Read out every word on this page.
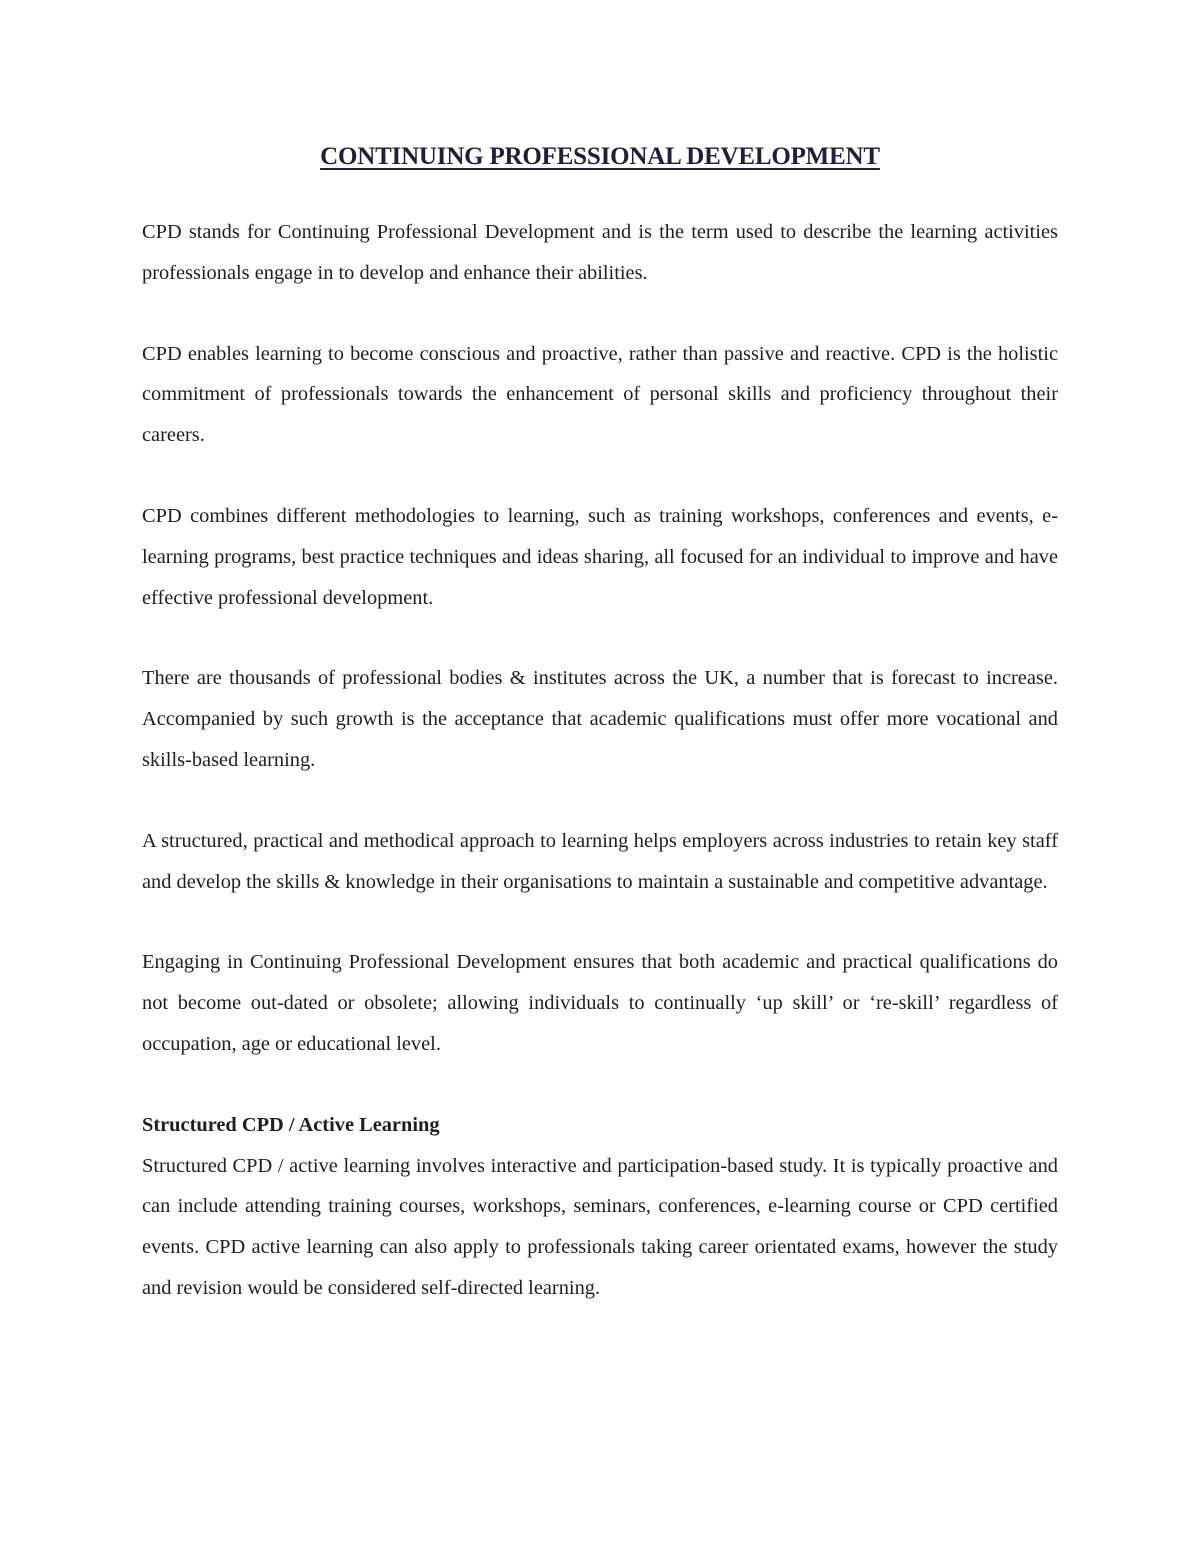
CONTINUING PROFESSIONAL DEVELOPMENT

CPD stands for Continuing Professional Development and is the term used to describe the learning activities professionals engage in to develop and enhance their abilities.

CPD enables learning to become conscious and proactive, rather than passive and reactive. CPD is the holistic commitment of professionals towards the enhancement of personal skills and proficiency throughout their careers.

CPD combines different methodologies to learning, such as training workshops, conferences and events, e-learning programs, best practice techniques and ideas sharing, all focused for an individual to improve and have effective professional development.

There are thousands of professional bodies & institutes across the UK, a number that is forecast to increase. Accompanied by such growth is the acceptance that academic qualifications must offer more vocational and skills-based learning.

A structured, practical and methodical approach to learning helps employers across industries to retain key staff and develop the skills & knowledge in their organisations to maintain a sustainable and competitive advantage.

Engaging in Continuing Professional Development ensures that both academic and practical qualifications do not become out-dated or obsolete; allowing individuals to continually ‘up skill’ or ‘re-skill’ regardless of occupation, age or educational level.

Structured CPD / Active Learning

Structured CPD / active learning involves interactive and participation-based study. It is typically proactive and can include attending training courses, workshops, seminars, conferences, e-learning course or CPD certified events. CPD active learning can also apply to professionals taking career orientated exams, however the study and revision would be considered self-directed learning.
